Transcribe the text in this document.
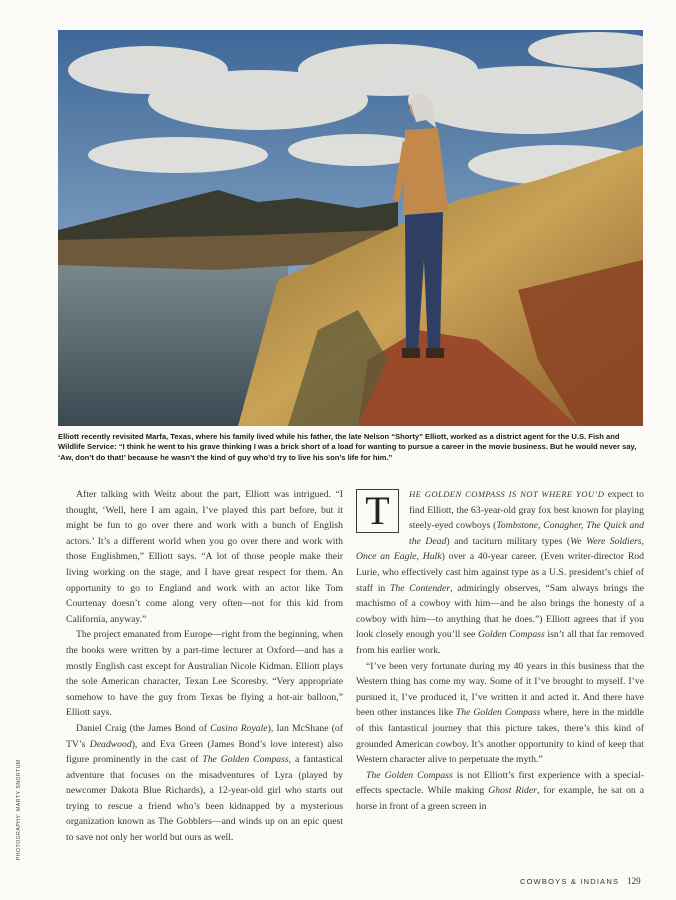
Elliott recently revisited Marfa, Texas, where his family lived while his father, the late Nelson “Shorty” Elliott, worked as a district agent for the U.S. Fish and Wildlife Service: “I think he went to his grave thinking I was a brick short of a load for wanting to pursue a career in the movie business. But he would never say, ‘Aw, don’t do that!’ because he wasn’t the kind of guy who’d try to live his son’s life for him.”

After talking with Weitz about the part, Elliott was intrigued. “I thought, ‘Well, here I am again, I’ve played this part before, but it might be fun to go over there and work with a bunch of English actors.’ It’s a different world when you go over there and work with those Englishmen,” Elliott says. “A lot of those people make their living working on the stage, and I have great respect for them. An opportunity to go to England and work with an actor like Tom Courtenay doesn’t come along very often—not for this kid from California, anyway.”

The project emanated from Europe—right from the beginning, when the books were written by a part-time lecturer at Oxford—and has a mostly English cast except for Australian Nicole Kidman. Elliott plays the sole American character, Texan Lee Scoresby. “Very appropriate somehow to have the guy from Texas be flying a hot-air balloon,” Elliott says.

Daniel Craig (the James Bond of Casino Royale), Ian McShane (of TV’s Deadwood), and Eva Green (James Bond’s love interest) also figure prominently in the cast of The Golden Compass, a fantastical adventure that focuses on the misadventures of Lyra (played by newcomer Dakota Blue Richards), a 12-year-old girl who starts out trying to rescue a friend who’s been kidnapped by a mysterious organization known as The Gobblers—and winds up on an epic quest to save not only her world but ours as well.

T	HE GOLDEN COMPASS IS NOT WHERE YOU’D expect to find Elliott, the 63-year-old gray fox best known for playing steely-eyed cowboys (Tombstone, Conagher, The Quick and the Dead) and taciturn military types (We Were Soldiers, Once an Eagle, Hulk) over a 40-year career. (Even writer-director Rod Lurie, who effectively cast him against type as a U.S. president’s chief of staff in The Contender, admiringly observes, “Sam always brings the machismo of a cowboy with him—and he also brings the honesty of a cowboy with him—to anything that he does.”) Elliott agrees that if you look closely enough you’ll see Golden Compass isn’t all that far removed from his earlier work.

“I’ve been very fortunate during my 40 years in this business that the Western thing has come my way. Some of it I’ve brought to myself. I’ve pursued it, I’ve produced it, I’ve written it and acted it. And there have been other instances like The Golden Compass where, here in the middle of this fantastical journey that this picture takes, there’s this kind of grounded American cowboy. It’s another opportunity to kind of keep that Western character alive to perpetuate the myth.”

The Golden Compass is not Elliott’s first experience with a special-effects spectacle. While making Ghost Rider, for example, he sat on a horse in front of a green screen in

PHOTOGRAPHY: MARTY SNORTUM
COWBOYS & INDIANS 129
